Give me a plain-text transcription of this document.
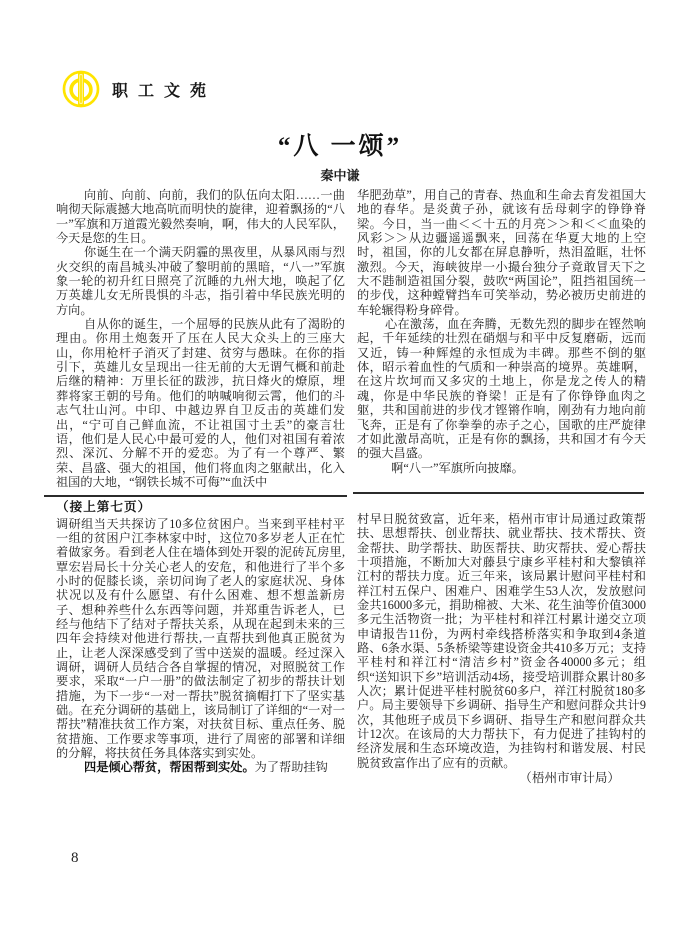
职工文苑
“八 一颂”
秦中谦

向前、向前、向前，我们的队伍向太阳……一曲响彻天际震撼大地高吭而明快的旋律，迎着飘扬的“八一”军旗和万道霞光毅然奏响，啊，伟大的人民军队，今天是您的生日。

你诞生在一个满天阴霾的黑夜里，从暴风雨与烈火交织的南昌城头冲破了黎明前的黑暗，“八一”军旗象一轮的初升红日照亮了沉睡的九州大地，唤起了亿万英雄儿女无所畏惧的斗志，指引着中华民族光明的方向。

自从你的诞生，一个屈辱的民族从此有了渴盼的理由。你用土炮轰开了压在人民大众头上的三座大山，你用枪杆子消灭了封建、贫穷与愚昧。在你的指引下，英雄儿女呈现出一往无前的大无谓气概和前赴后继的精神：万里长征的跋涉，抗日烽火的燎原，埋葬将家王朝的号角。他们的呐喊响彻云霄，他们的斗志气壮山河。中印、中越边界自卫反击的英雄们发出，“宁可自己鲜血流，不让祖国寸土丢”的豪言壮语，他们是人民心中最可爱的人，他们对祖国有着浓烈、深沉、分解不开的爱恋。为了有一个尊严、繁荣、昌盛、强大的祖国，他们将血肉之躯献出，化入祖国的大地，“钢铁长城不可侮”“血沃中

（接上第七页）

调研组当天共探访了10多位贫困户。当来到平桂村平一组的贫困户江李林家中时，这位70多岁老人正在忙着做家务。看到老人住在墙体到处开裂的泥砖瓦房里,覃宏岩局长十分关心老人的安危，和他进行了半个多小时的促膝长谈，亲切问询了老人的家庭状况、身体状况以及有什么愿望、有什么困难、想不想盖新房子、想种养些什么东西等问题，并郑重告诉老人，已经与他结下了结对子帮扶关系，从现在起到未来的三四年会持续对他进行帮扶,一直帮扶到他真正脱贫为止，让老人深深感受到了雪中送炭的温暖。经过深入调研，调研人员结合各自掌握的情况，对照脱贫工作要求，采取“一户一册”的做法制定了初步的帮扶计划措施，为下一步“一对一帮扶”脱贫摘帽打下了坚实基础。在充分调研的基础上，该局制订了详细的“一对一帮扶”精准扶贫工作方案，对扶贫目标、重点任务、脱贫措施、工作要求等事项，进行了周密的部署和详细的分解，将扶贫任务具体落实到实处。

四是倾心帮贫，帮困帮到实处。为了帮助挂钩

华肥劲草”，用自己的青春、热血和生命去育发祖国大地的春华。是炎黄子孙，就该有岳母刺字的铮铮脊梁。今日，当一曲＜＜十五的月亮＞＞和＜＜血染的风彩＞＞从边疆遥遥飘来，回荡在华夏大地的上空时，祖国，你的儿女都在屏息静听，热泪盈眶，壮怀激烈。今天，海峡彼岸一小撮台独分子竟敢冒天下之大不韪制造祖国分裂，鼓吹“两国论”，阻挡祖国统一的步伐，这种螳臂挡车可笑举动，势必被历史前进的车轮辗得粉身碎骨。

心在激荡，血在奔腾，无数先烈的脚步在铿然响起，千年延续的壮烈在硝烟与和平中反复磨砺，远而又近，铸一种辉煌的永恒成为丰碑。那些不倒的躯体，昭示着血性的气质和一种崇高的境界。英雄啊，在这片坎坷而又多灾的土地上，你是龙之传人的精魂，你是中华民族的脊梁！正是有了你铮铮血肉之躯，共和国前进的步伐才铿锵作响，刚劲有力地向前飞奔，正是有了你拳拳的赤子之心，国歌的庄严旋律才如此激昂高吭，正是有你的飘扬，共和国才有今天的强大昌盛。

啊“八一”军旗所向披靡。

村早日脱贫致富，近年来，梧州市审计局通过政策帮扶、思想帮扶、创业帮扶、就业帮扶、技术帮扶、资金帮扶、助学帮扶、助医帮扶、助灾帮扶、爱心帮扶十项措施，不断加大对藤县宁康乡平桂村和大黎镇祥江村的帮扶力度。近三年来，该局累计慰问平桂村和祥江村五保户、困难户、困难学生53人次，发放慰问金共16000多元，捐助棉被、大米、花生油等价值3000多元生活物资一批；为平桂村和祥江村累计递交立项申请报告11份，为两村牵线搭桥落实和争取到4条道路、6条水渠、5条桥梁等建设资金共410多万元；支持平桂村和祥江村“清洁乡村”资金各40000多元；组织“送知识下乡”培训活动4场，接受培训群众累计80多人次；累计促进平桂村脱贫60多户，祥江村脱贫180多户。局主要领导下乡调研、指导生产和慰问群众共计9次，其他班子成员下乡调研、指导生产和慰问群众共计12次。在该局的大力帮扶下，有力促进了挂钩村的经济发展和生态环境改造，为挂钩村和谐发展、村民脱贫致富作出了应有的贡献。

（梧州市审计局）
8
